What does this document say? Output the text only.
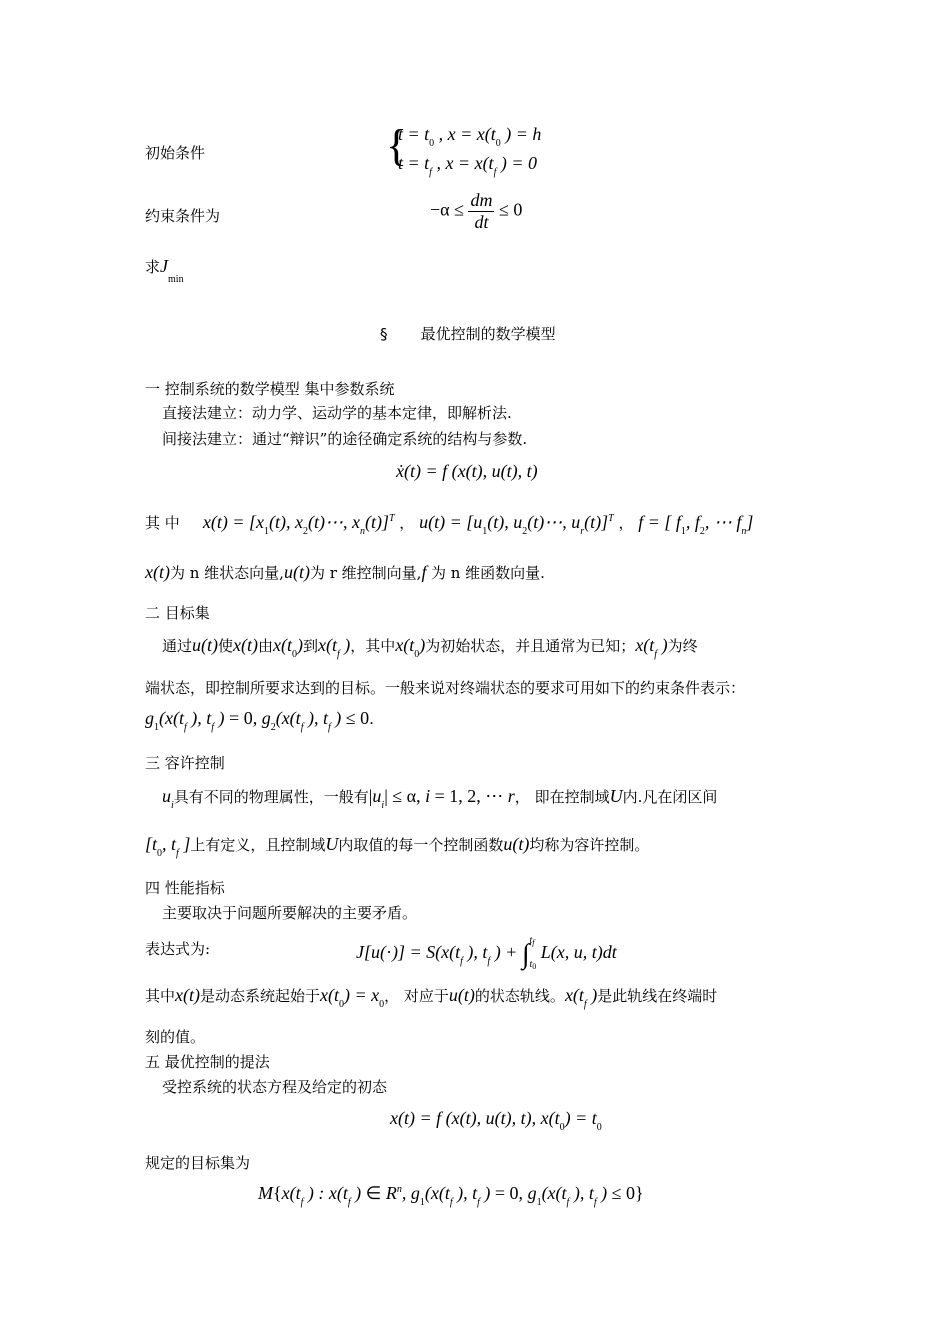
初始条件	{
$t = t_0$ , $x = x(t_0$ ) = h
$t = t_f$ , $x = x(t_f$ ) = 0
约束条件为	$-\alpha \le \frac{dm}{dt} \le 0$
求$J_{min}$
§ 最优控制的数学模型
一 控制系统的数学模型 集中参数系统
直接法建立：动力学、运动学的基本定律，即解析法.
间接法建立：通过“辩识”的途径确定系统的结构与参数.
ẋ(t) = f (x(t), u(t), t)
其 中 $x(t) = [x_1(t)$, $x_2(t)\cdots$, $x_n(t)]^T$ ， $u(t) = [u_1(t)$, $u_2(t)\cdots$, $u_r(t)]^T$ ， f = [ $f_1$, $f_2$, ⋯ $f_n$]
x(t)为 n 维状态向量,u(t)为 r 维控制向量,f 为 n 维函数向量.
二 目标集
通过u(t)使x(t)由$x(t_0)$到$x(t_f$ )，其中$x(t_0)$为初始状态，并且通常为已知；$x(t_f$ )为终
端状态，即控制所要求达到的目标。一般来说对终端状态的要求可用如下的约束条件表示：
$g_1(x(t_f$ ), $t_f$ ) = 0, $g_2(x(t_f$ ), $t_f$ ) ≤ 0.
三 容许控制
$u_i$具有不同的物理属性，一般有$|u_i| \le \alpha$, i = 1, 2, ⋯ r， 即在控制域U内.凡在闭区间
[$t_0$, $t_f$ ]上有定义，且控制域U内取值的每一个控制函数u(t)均称为容许控制。
四 性能指标
主要取决于问题所要解决的主要矛盾。
表达式为:	$J[u(\cdot)] = S(x(t_f$ ), $t_f$ ) + ∫ $t_f$
$t_0$
L(x, u, t)dt
其中x(t)是动态系统起始于$x(t_0) = x_0$， 对应于u(t)的状态轨线。$x(t_f$ )是此轨线在终端时
刻的值。
五 最优控制的提法
受控系统的状态方程及给定的初态
x(t) = f (x(t), u(t), t), $x(t_0) = t_0$
规定的目标集为
$M\{x(t_f$ ) : $x(t_f$ ) ∈ $R^n$, $g_1(x(t_f$ ), $t_f$ ) = 0, $g_1(x(t_f$ ), $t_f$ ) ≤ 0}
